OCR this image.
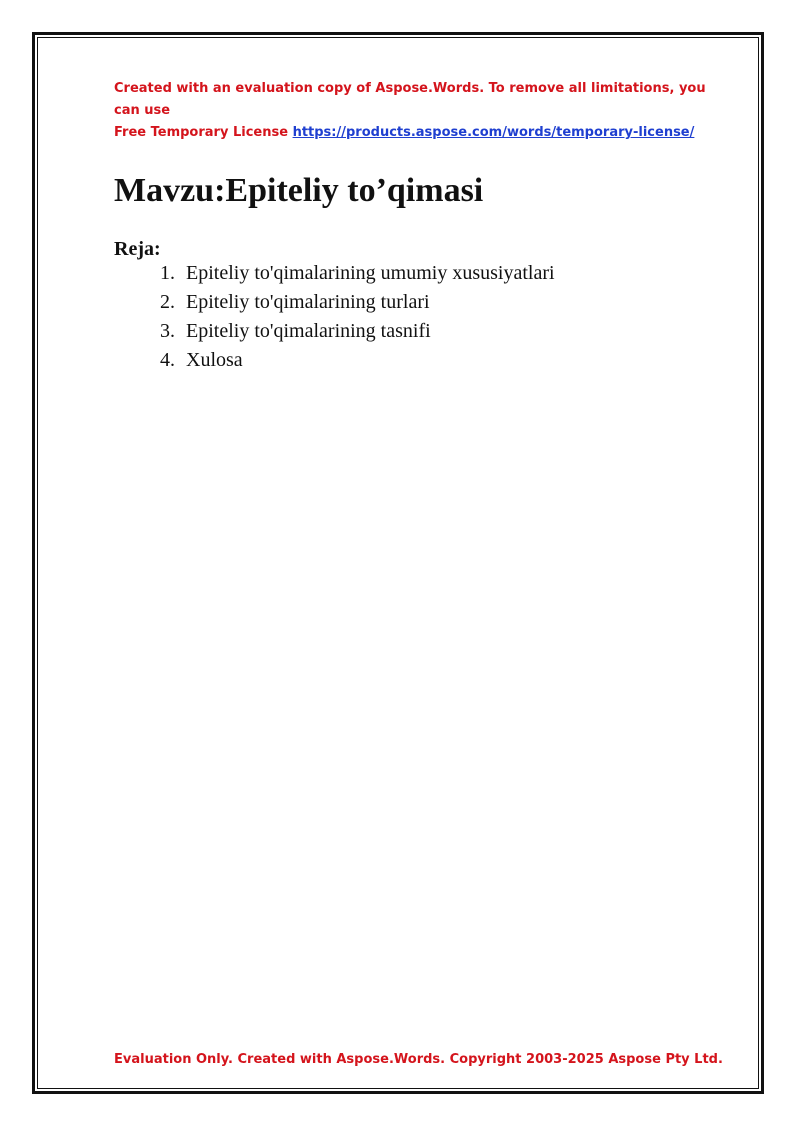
Created with an evaluation copy of Aspose.Words. To remove all limitations, you can use
Free Temporary License https://products.aspose.com/words/temporary-license/
Mavzu:Epiteliy to’qimasi
Reja:
1. Epiteliy to'qimalarining umumiy xususiyatlari
2. Epiteliy to'qimalarining turlari
3. Epiteliy to'qimalarining tasnifi
4. Xulosa
Evaluation Only. Created with Aspose.Words. Copyright 2003-2025 Aspose Pty Ltd.
